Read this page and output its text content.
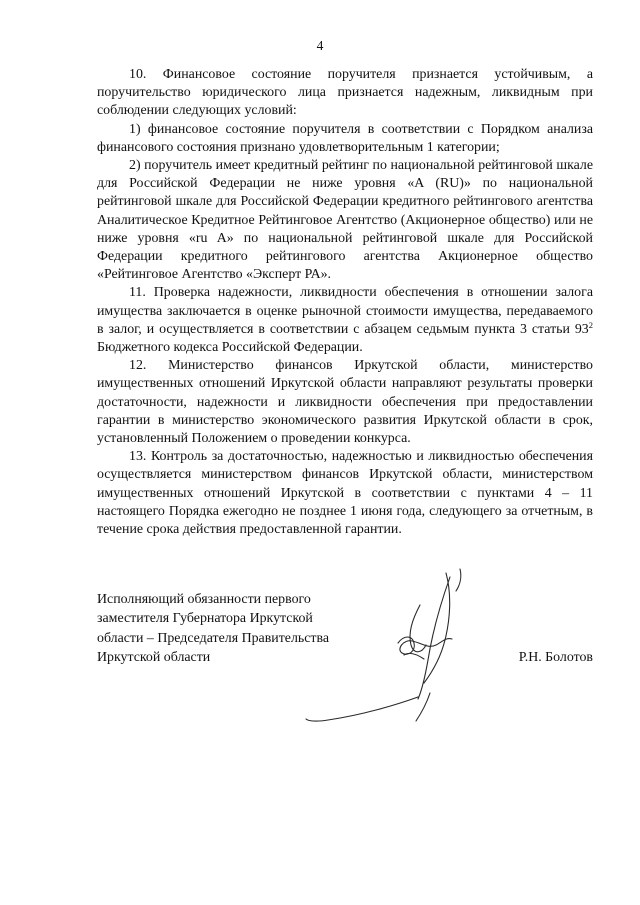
4

10. Финансовое состояние поручителя признается устойчивым, а поручительство юридического лица признается надежным, ликвидным при соблюдении следующих условий:

1) финансовое состояние поручителя в соответствии с Порядком анализа финансового состояния признано удовлетворительным 1 категории;

2) поручитель имеет кредитный рейтинг по национальной рейтинговой шкале для Российской Федерации не ниже уровня «A (RU)» по национальной рейтинговой шкале для Российской Федерации кредитного рейтингового агентства Аналитическое Кредитное Рейтинговое Агентство (Акционерное общество) или не ниже уровня «ru A» по национальной рейтинговой шкале для Российской Федерации кредитного рейтингового агентства Акционерное общество «Рейтинговое Агентство «Эксперт РА».

11. Проверка надежности, ликвидности обеспечения в отношении залога имущества заключается в оценке рыночной стоимости имущества, передаваемого в залог, и осуществляется в соответствии с абзацем седьмым пункта 3 статьи $93^2$ Бюджетного кодекса Российской Федерации.

12. Министерство финансов Иркутской области, министерство имущественных отношений Иркутской области направляют результаты проверки достаточности, надежности и ликвидности обеспечения при предоставлении гарантии в министерство экономического развития Иркутской области в срок, установленный Положением о проведении конкурса.

13. Контроль за достаточностью, надежностью и ликвидностью обеспечения осуществляется министерством финансов Иркутской области, министерством имущественных отношений Иркутской в соответствии с пунктами 4 – 11 настоящего Порядка ежегодно не позднее 1 июня года, следующего за отчетным, в течение срока действия предоставленной гарантии.

Исполняющий обязанности первого
заместителя Губернатора Иркутской
области – Председателя Правительства
Иркутской области	Р.Н. Болотов
